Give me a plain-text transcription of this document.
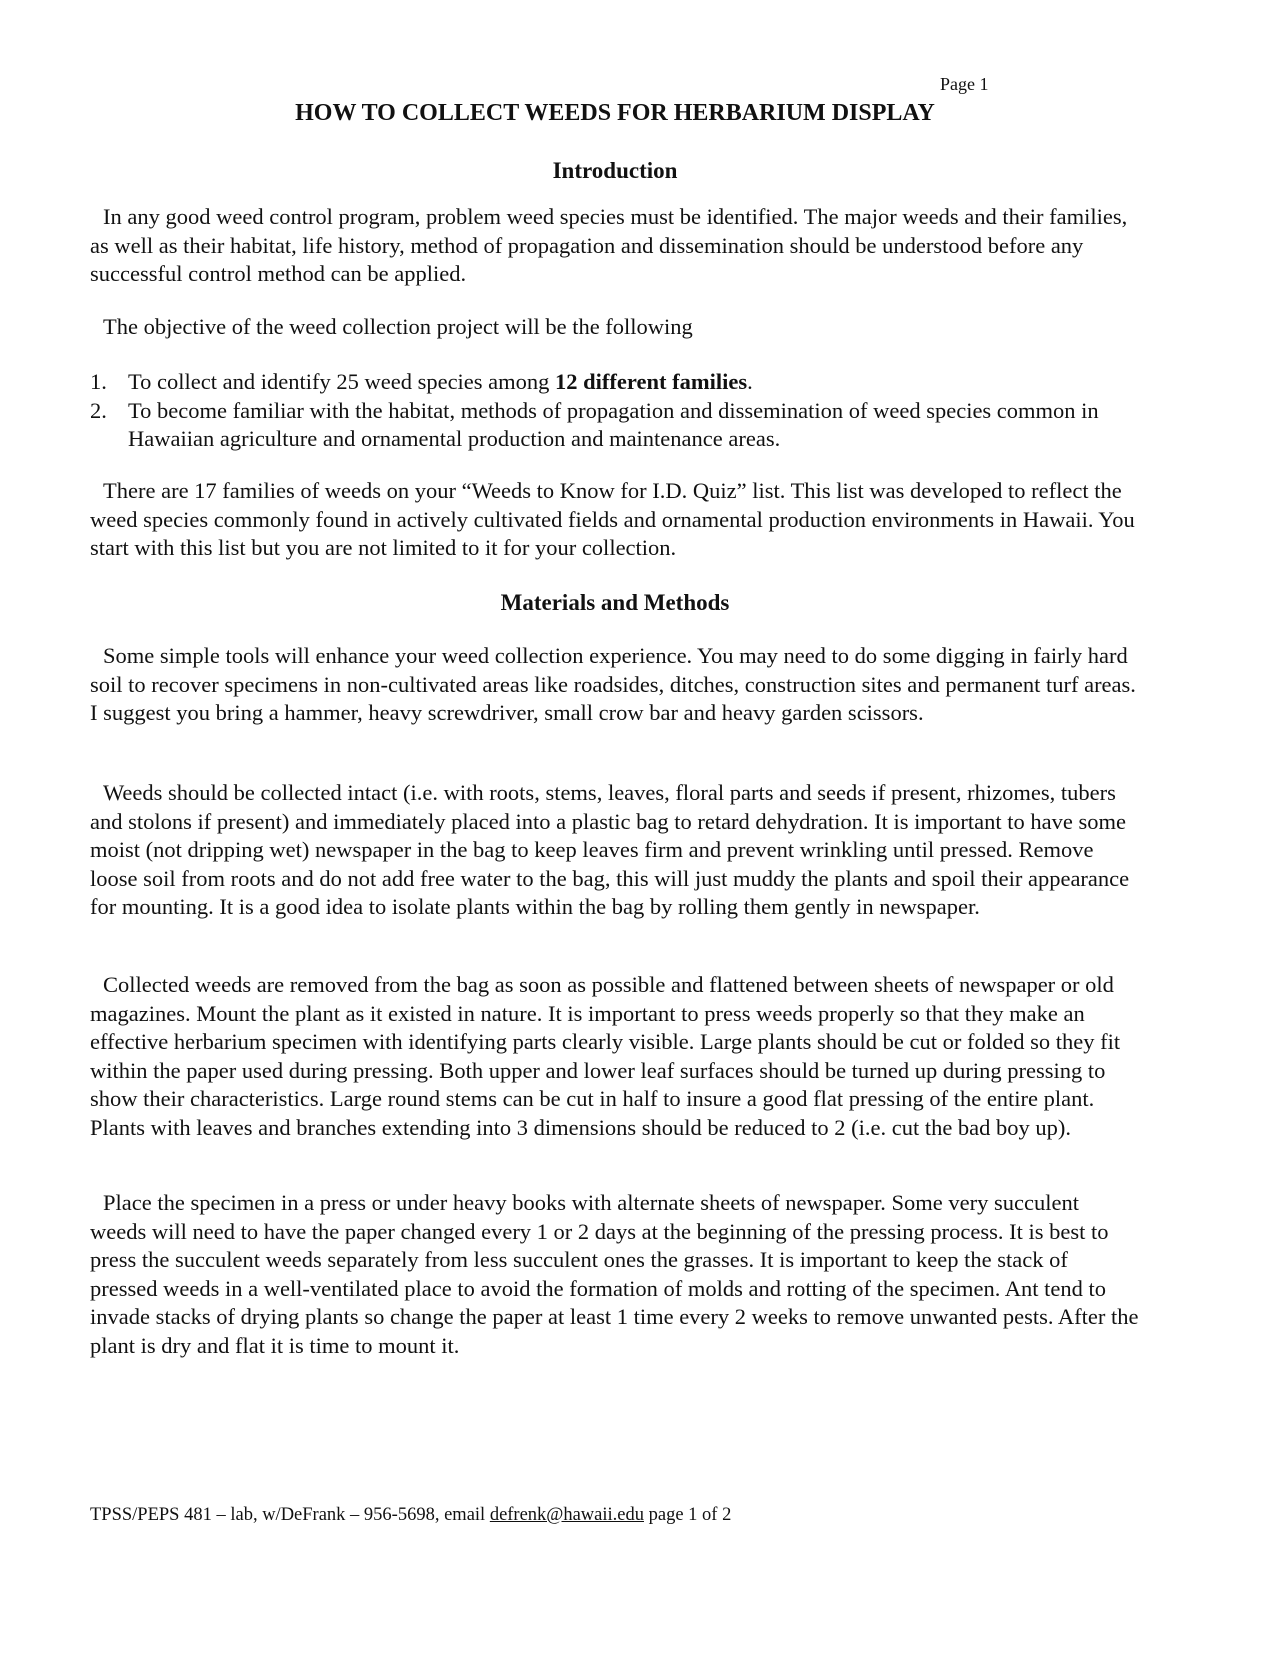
Page 1
HOW TO COLLECT WEEDS FOR HERBARIUM DISPLAY
Introduction

In any good weed control program, problem weed species must be identified. The major weeds and their families, as well as their habitat, life history, method of propagation and dissemination should be understood before any successful control method can be applied.

The objective of the weed collection project will be the following

1. To collect and identify 25 weed species among 12 different families.
2. To become familiar with the habitat, methods of propagation and dissemination of weed species common in Hawaiian agriculture and ornamental production and maintenance areas.

There are 17 families of weeds on your “Weeds to Know for I.D. Quiz” list. This list was developed to reflect the weed species commonly found in actively cultivated fields and ornamental production environments in Hawaii. You start with this list but you are not limited to it for your collection.

Materials and Methods

Some simple tools will enhance your weed collection experience. You may need to do some digging in fairly hard soil to recover specimens in non-cultivated areas like roadsides, ditches, construction sites and permanent turf areas. I suggest you bring a hammer, heavy screwdriver, small crow bar and heavy garden scissors.

Weeds should be collected intact (i.e. with roots, stems, leaves, floral parts and seeds if present, rhizomes, tubers and stolons if present) and immediately placed into a plastic bag to retard dehydration. It is important to have some moist (not dripping wet) newspaper in the bag to keep leaves firm and prevent wrinkling until pressed. Remove loose soil from roots and do not add free water to the bag, this will just muddy the plants and spoil their appearance for mounting. It is a good idea to isolate plants within the bag by rolling them gently in newspaper.

Collected weeds are removed from the bag as soon as possible and flattened between sheets of newspaper or old magazines. Mount the plant as it existed in nature. It is important to press weeds properly so that they make an effective herbarium specimen with identifying parts clearly visible. Large plants should be cut or folded so they fit within the paper used during pressing. Both upper and lower leaf surfaces should be turned up during pressing to show their characteristics. Large round stems can be cut in half to insure a good flat pressing of the entire plant. Plants with leaves and branches extending into 3 dimensions should be reduced to 2 (i.e. cut the bad boy up).

Place the specimen in a press or under heavy books with alternate sheets of newspaper. Some very succulent weeds will need to have the paper changed every 1 or 2 days at the beginning of the pressing process. It is best to press the succulent weeds separately from less succulent ones the grasses. It is important to keep the stack of pressed weeds in a well-ventilated place to avoid the formation of molds and rotting of the specimen. Ant tend to invade stacks of drying plants so change the paper at least 1 time every 2 weeks to remove unwanted pests. After the plant is dry and flat it is time to mount it.

TPSS/PEPS 481 – lab, w/DeFrank – 956-5698, email defrenk@hawaii.edu page 1 of 2
